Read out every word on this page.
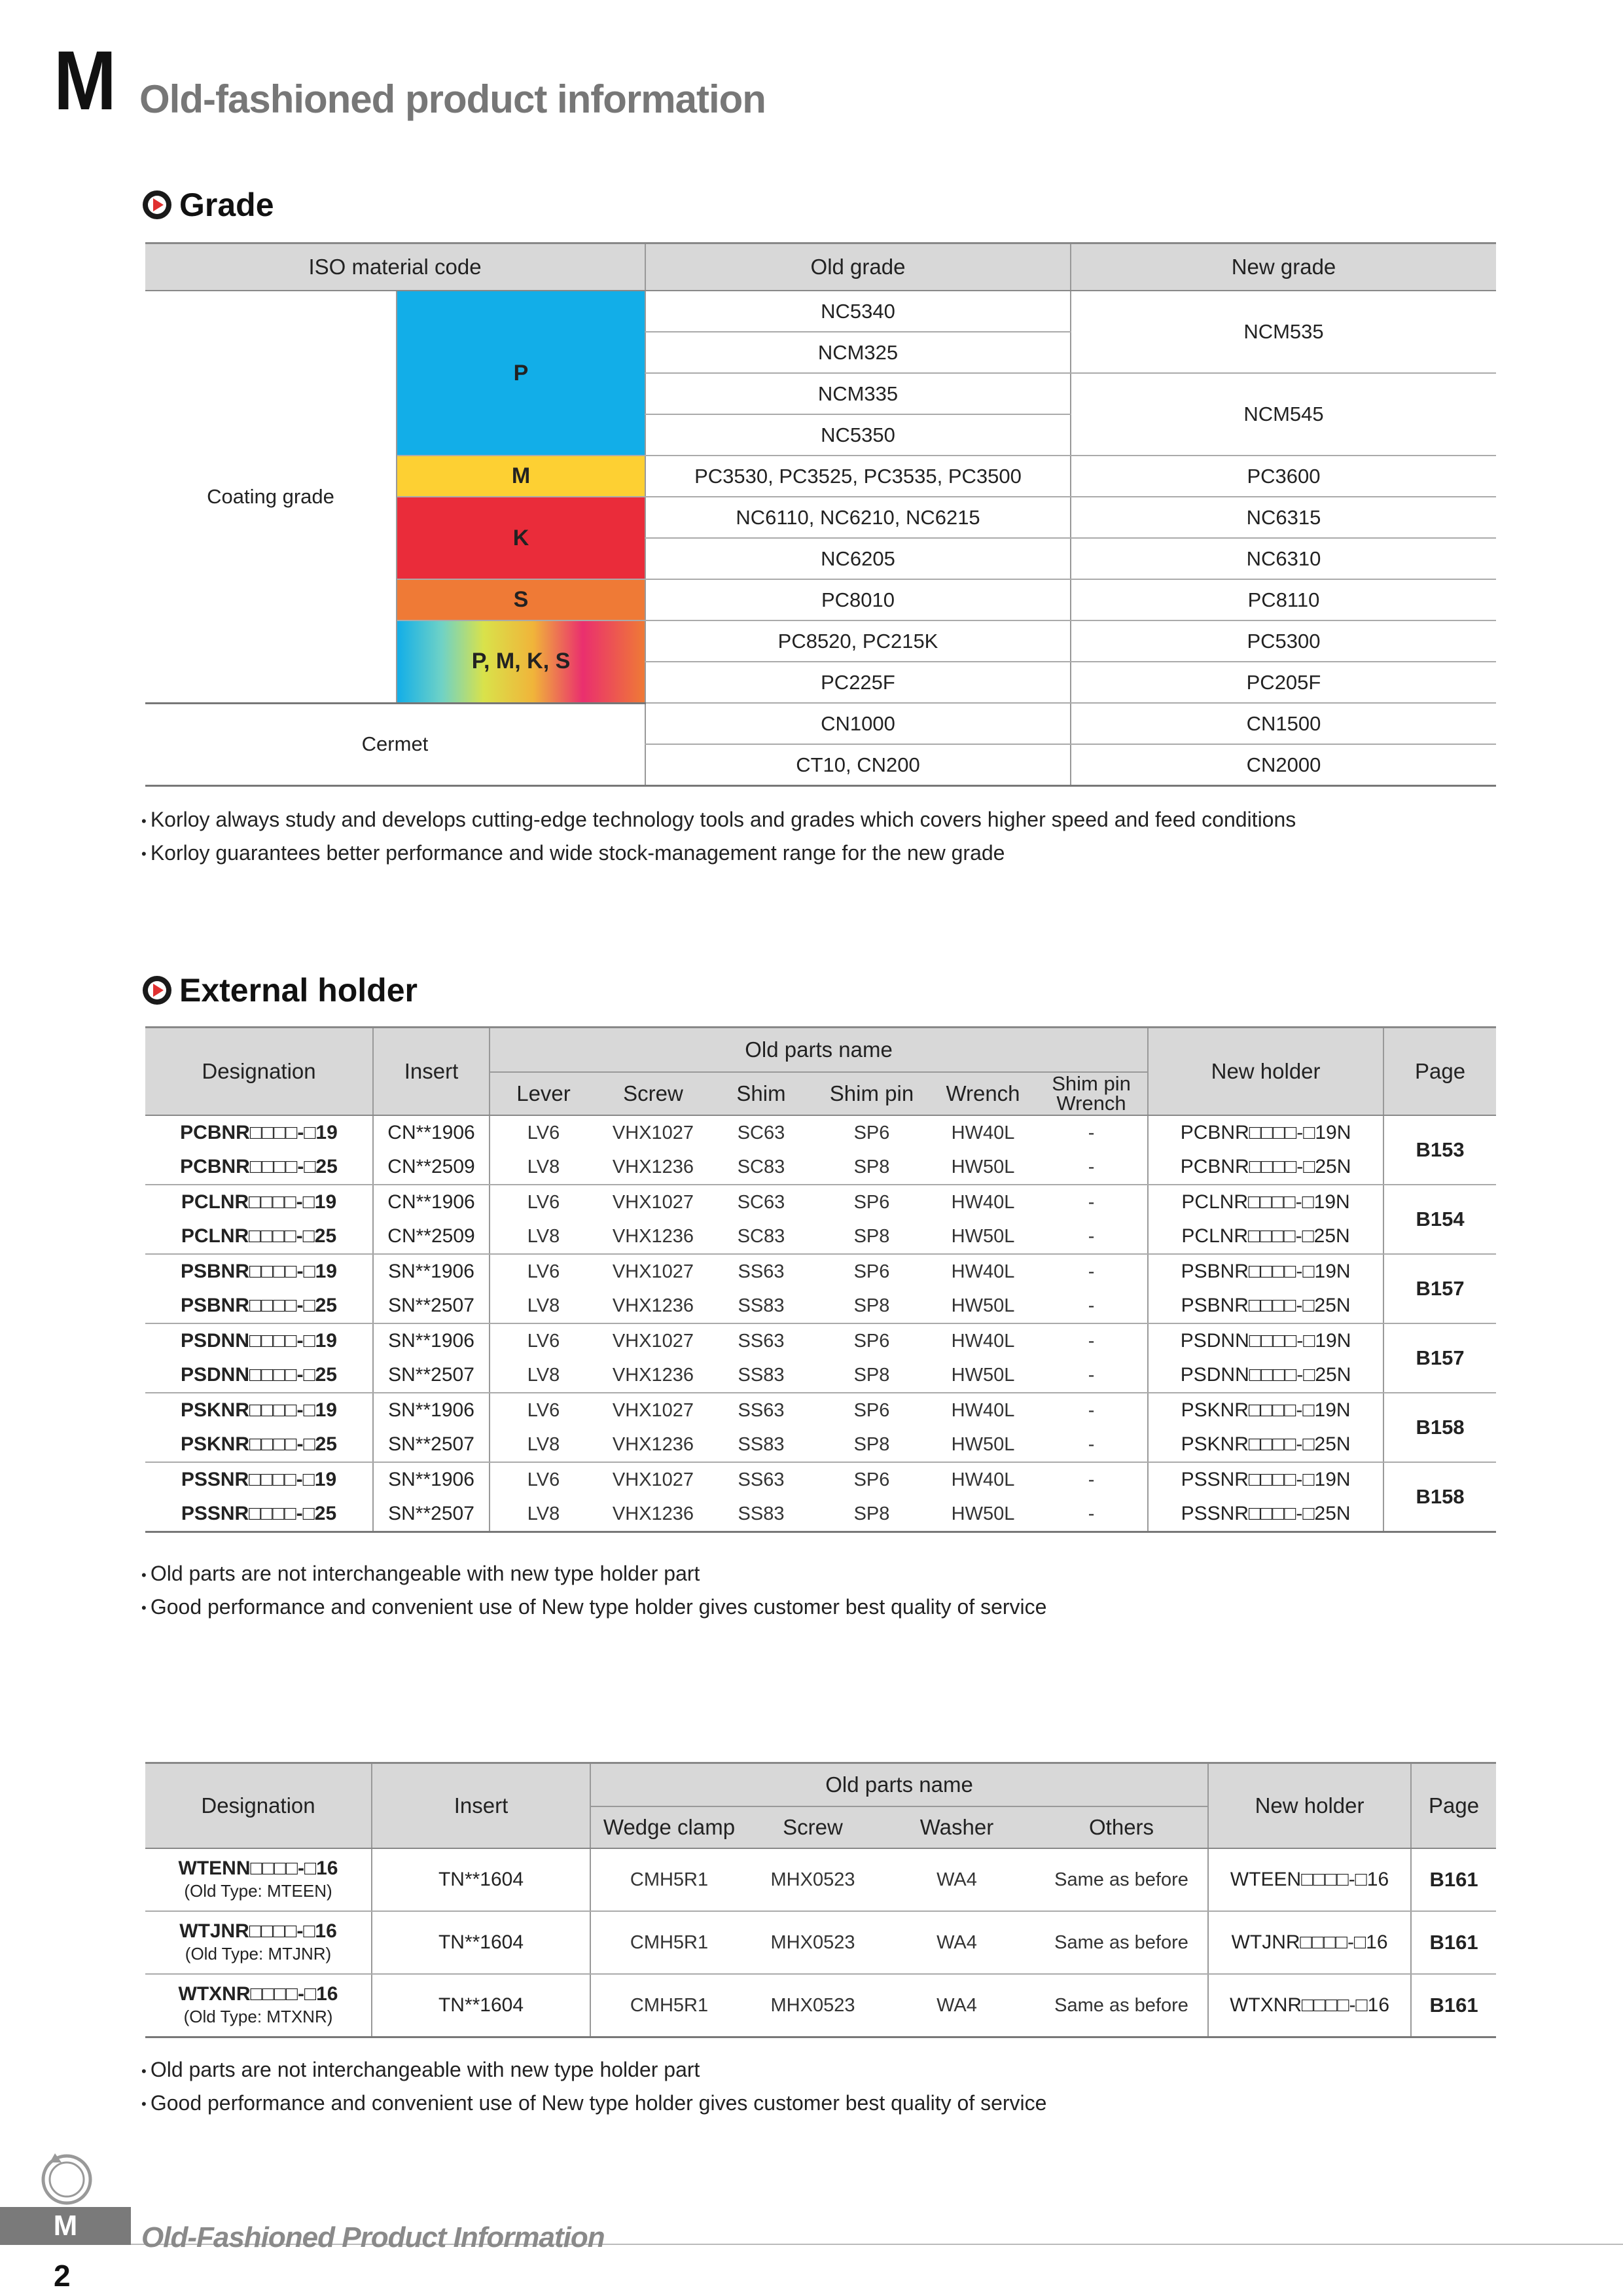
M Old-fashioned product information
Grade
ISO material code		Old grade	New grade
Coating grade	P	NC5340	NCM535
		NCM325	
		NCM335	NCM545
		NC5350	
	M	PC3530, PC3525, PC3535, PC3500	PC3600
	K	NC6110, NC6210, NC6215	NC6315
		NC6205	NC6310
	S	PC8010	PC8110
	P, M, K, S	PC8520, PC215K	PC5300
		PC225F	PC205F
Cermet		CN1000	CN1500
		CT10, CN200	CN2000
• Korloy always study and develops cutting-edge technology tools and grades which covers higher speed and feed conditions
• Korloy guarantees better performance and wide stock-management range for the new grade
External holder
Designation	Insert	Old parts name						New holder	Page
		Lever	Screw	Shim	Shim pin	Wrench	Shim pin
Wrench		
PCBNR□□□□-□19	CN**1906	LV6	VHX1027	SC63	SP6	HW40L	-	PCBNR□□□□-□19N	B153
PCBNR□□□□-□25	CN**2509	LV8	VHX1236	SC83	SP8	HW50L	-	PCBNR□□□□-□25N	
PCLNR□□□□-□19	CN**1906	LV6	VHX1027	SC63	SP6	HW40L	-	PCLNR□□□□-□19N	B154
PCLNR□□□□-□25	CN**2509	LV8	VHX1236	SC83	SP8	HW50L	-	PCLNR□□□□-□25N	
PSBNR□□□□-□19	SN**1906	LV6	VHX1027	SS63	SP6	HW40L	-	PSBNR□□□□-□19N	B157
PSBNR□□□□-□25	SN**2507	LV8	VHX1236	SS83	SP8	HW50L	-	PSBNR□□□□-□25N	
PSDNN□□□□-□19	SN**1906	LV6	VHX1027	SS63	SP6	HW40L	-	PSDNN□□□□-□19N	B157
PSDNN□□□□-□25	SN**2507	LV8	VHX1236	SS83	SP8	HW50L	-	PSDNN□□□□-□25N	
PSKNR□□□□-□19	SN**1906	LV6	VHX1027	SS63	SP6	HW40L	-	PSKNR□□□□-□19N	B158
PSKNR□□□□-□25	SN**2507	LV8	VHX1236	SS83	SP8	HW50L	-	PSKNR□□□□-□25N	
PSSNR□□□□-□19	SN**1906	LV6	VHX1027	SS63	SP6	HW40L	-	PSSNR□□□□-□19N	B158
PSSNR□□□□-□25	SN**2507	LV8	VHX1236	SS83	SP8	HW50L	-	PSSNR□□□□-□25N	
• Old parts are not interchangeable with new type holder part
• Good performance and convenient use of New type holder gives customer best quality of service
Designation	Insert	Old parts name				New holder	Page
		Wedge clamp	Screw	Washer	Others		
WTENN□□□□-□16
(Old Type: MTEEN)	TN**1604	CMH5R1	MHX0523	WA4	Same as before	WTEEN□□□□-□16	B161
WTJNR□□□□-□16
(Old Type: MTJNR)	TN**1604	CMH5R1	MHX0523	WA4	Same as before	WTJNR□□□□-□16	B161
WTXNR□□□□-□16
(Old Type: MTXNR)	TN**1604	CMH5R1	MHX0523	WA4	Same as before	WTXNR□□□□-□16	B161
• Old parts are not interchangeable with new type holder part
• Good performance and convenient use of New type holder gives customer best quality of service
M	Old-Fashioned Product Information
2
